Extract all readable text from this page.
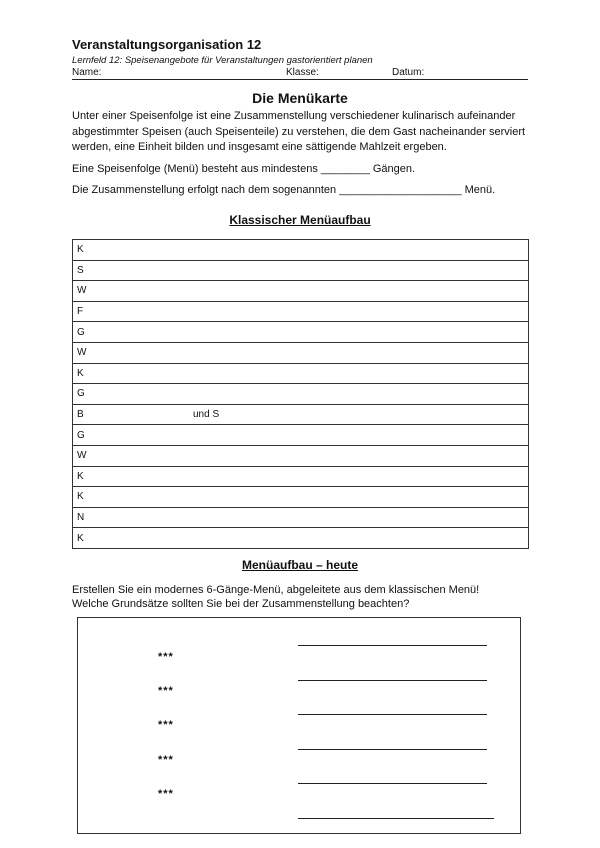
Veranstaltungsorganisation 12
Lernfeld 12: Speisenangebote für Veranstaltungen gastorientiert planen
Name:	Klasse:	Datum:
Die Menükarte

Unter einer Speisenfolge ist eine Zusammenstellung verschiedener kulinarisch aufeinander abgestimmter Speisen (auch Speisenteile) zu verstehen, die dem Gast nacheinander serviert werden, eine Einheit bilden und insgesamt eine sättigende Mahlzeit ergeben.

Eine Speisenfolge (Menü) besteht aus mindestens ________ Gängen.

Die Zusammenstellung erfolgt nach dem sogenannten ____________________ Menü.

Klassischer Menüaufbau
K
S
W
F
G
W
K
G
B	und S

G
W
K
K
N
K
Menüaufbau – heute
Erstellen Sie ein modernes 6-Gänge-Menü, abgeleitete aus dem klassischen Menü!
Welche Grundsätze sollten Sie bei der Zusammenstellung beachten?
***
***
***
***
***
